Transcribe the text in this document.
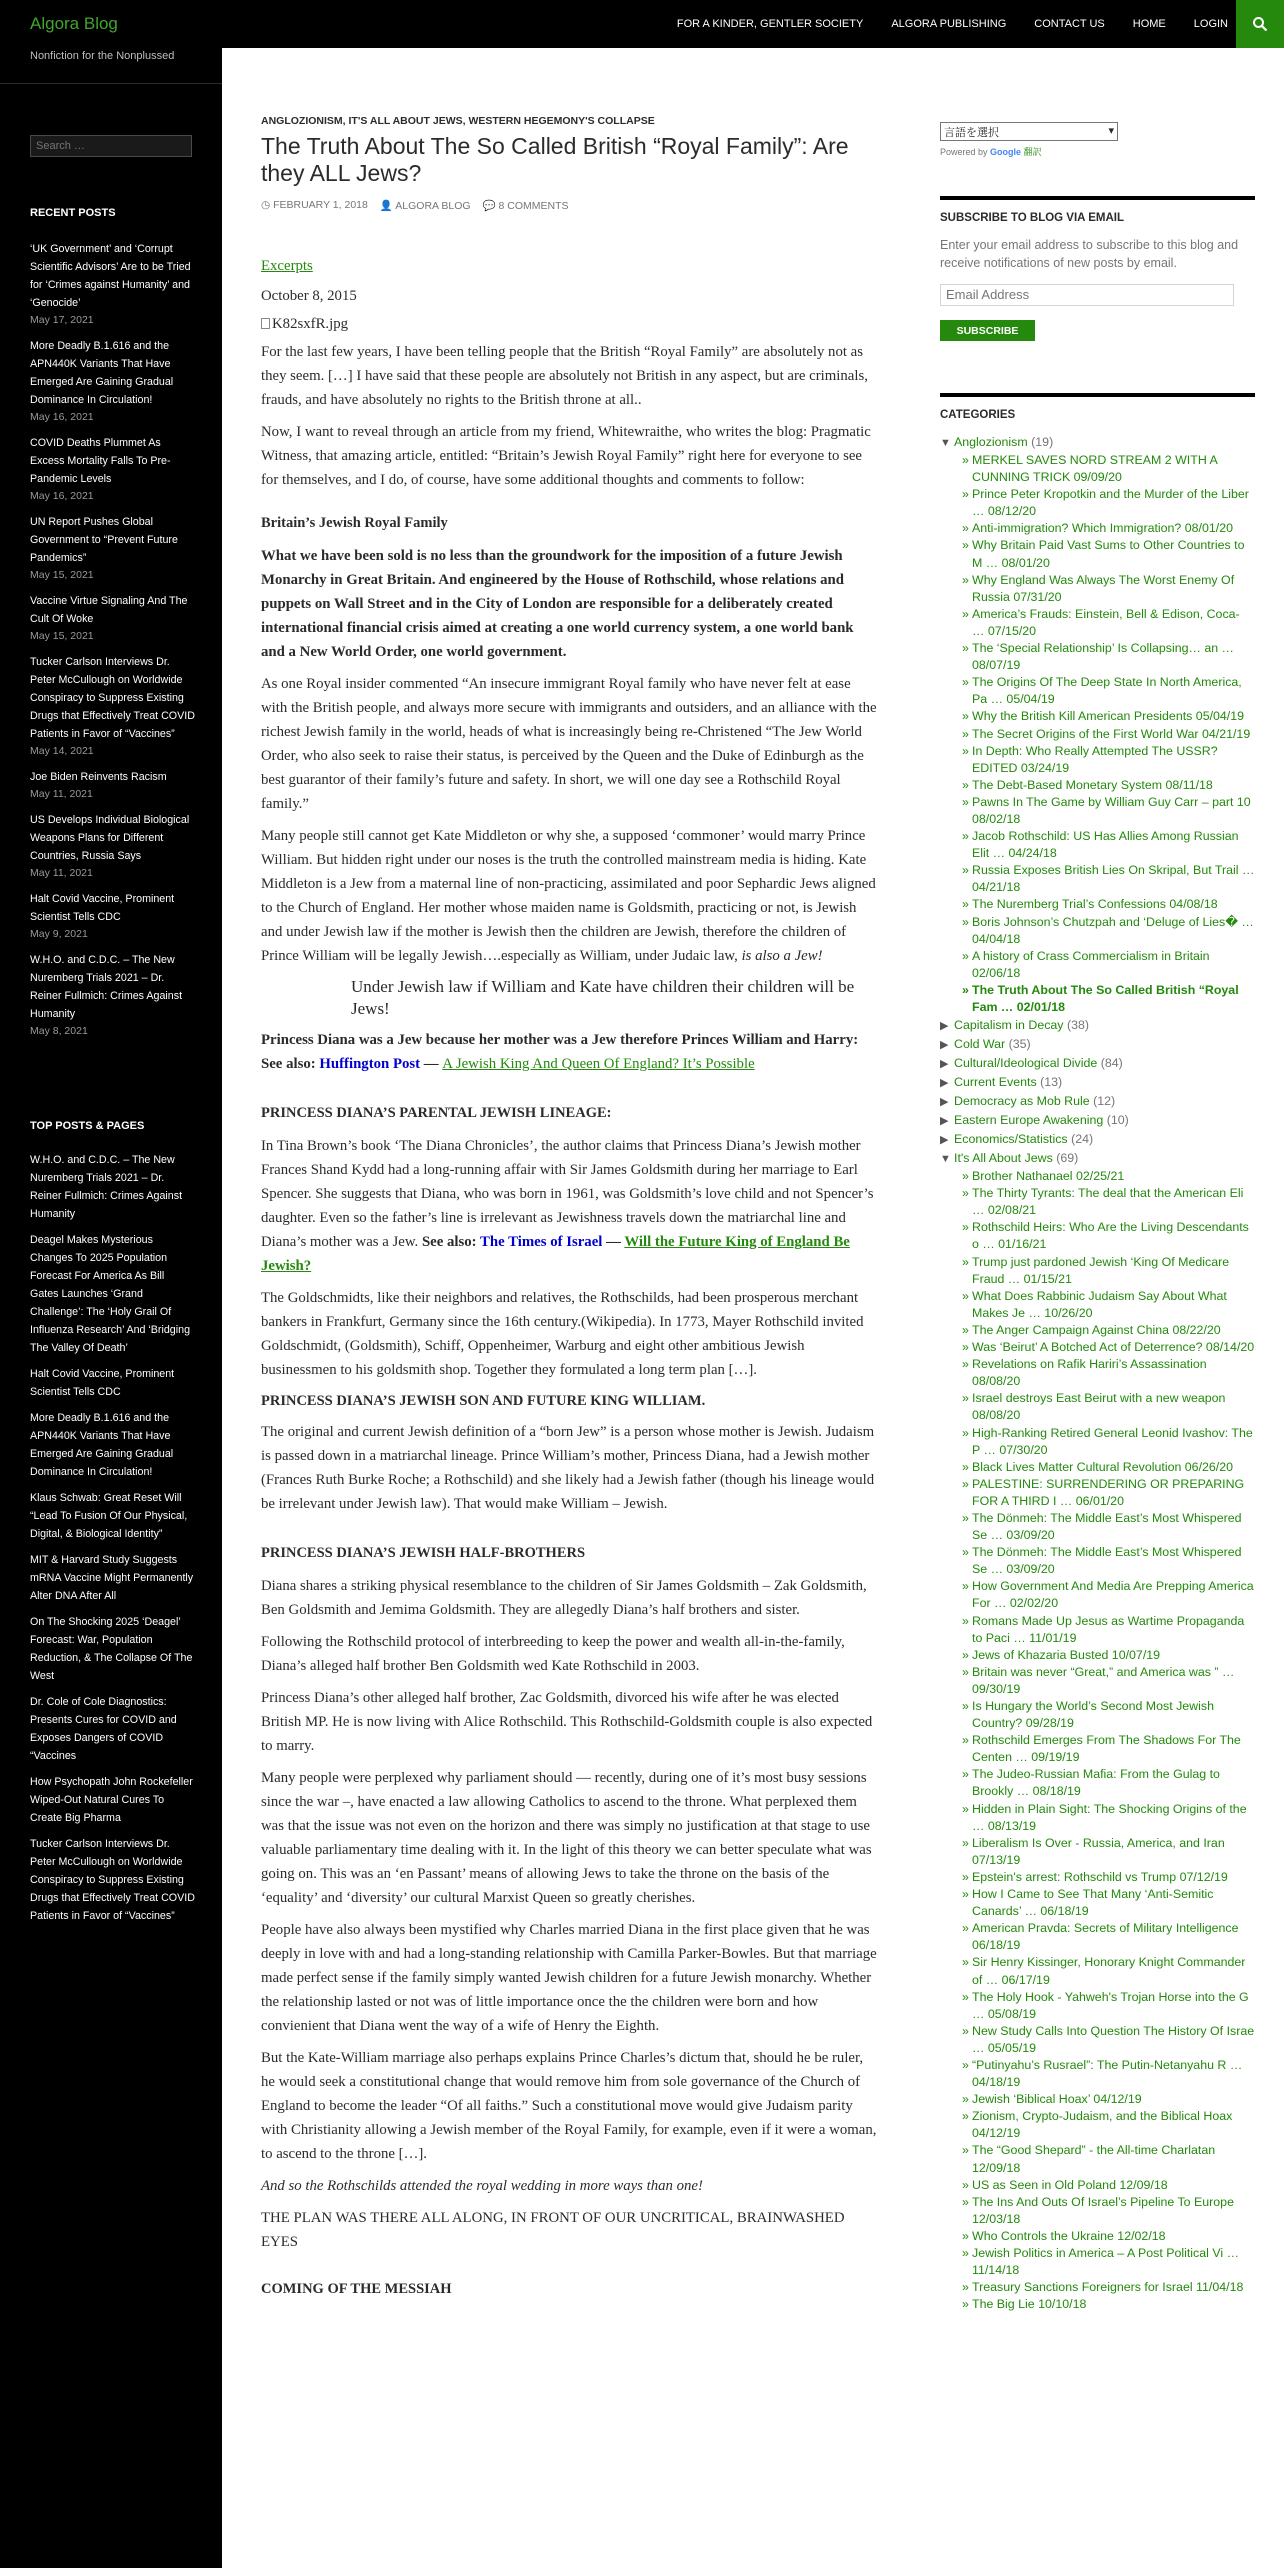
Algora Blog	FOR A KINDER, GENTLER SOCIETY	ALGORA PUBLISHING	CONTACT US	HOME	LOGIN
Nonfiction for the Nonplussed
Search …
RECENT POSTS
‘UK Government’ and ‘Corrupt Scientific Advisors’ Are to be Tried for ‘Crimes against Humanity’ and ‘Genocide’
May 17, 2021
More Deadly B.1.616 and the APN440K Variants That Have Emerged Are Gaining Gradual Dominance In Circulation!
May 16, 2021
COVID Deaths Plummet As Excess Mortality Falls To Pre-Pandemic Levels
May 16, 2021
UN Report Pushes Global Government to “Prevent Future Pandemics”
May 15, 2021
Vaccine Virtue Signaling And The Cult Of Woke
May 15, 2021
Tucker Carlson Interviews Dr. Peter McCullough on Worldwide Conspiracy to Suppress Existing Drugs that Effectively Treat COVID Patients in Favor of “Vaccines”
May 14, 2021
Joe Biden Reinvents Racism
May 11, 2021
US Develops Individual Biological Weapons Plans for Different Countries, Russia Says
May 11, 2021
Halt Covid Vaccine, Prominent Scientist Tells CDC
May 9, 2021
W.H.O. and C.D.C. – The New Nuremberg Trials 2021 – Dr. Reiner Fullmich: Crimes Against Humanity
May 8, 2021
TOP POSTS & PAGES
W.H.O. and C.D.C. – The New Nuremberg Trials 2021 – Dr. Reiner Fullmich: Crimes Against Humanity
Deagel Makes Mysterious Changes To 2025 Population Forecast For America As Bill Gates Launches ‘Grand Challenge’: The ‘Holy Grail Of Influenza Research’ And ‘Bridging The Valley Of Death’
Halt Covid Vaccine, Prominent Scientist Tells CDC
More Deadly B.1.616 and the APN440K Variants That Have Emerged Are Gaining Gradual Dominance In Circulation!
Klaus Schwab: Great Reset Will “Lead To Fusion Of Our Physical, Digital, & Biological Identity”
MIT & Harvard Study Suggests mRNA Vaccine Might Permanently Alter DNA After All
On The Shocking 2025 ‘Deagel’ Forecast: War, Population Reduction, & The Collapse Of The West
Dr. Cole of Cole Diagnostics: Presents Cures for COVID and Exposes Dangers of COVID “Vaccines
How Psychopath John Rockefeller Wiped-Out Natural Cures To Create Big Pharma
Tucker Carlson Interviews Dr. Peter McCullough on Worldwide Conspiracy to Suppress Existing Drugs that Effectively Treat COVID Patients in Favor of “Vaccines”
ANGLOZIONISM, IT'S ALL ABOUT JEWS, WESTERN HEGEMONY'S COLLAPSE
The Truth About The So Called British “Royal Family”: Are they ALL Jews?
◷ FEBRUARY 1, 2018 👤 ALGORA BLOG 💬 8 COMMENTS

Excerpts

October 8, 2015

K82sxfR.jpg

For the last few years, I have been telling people that the British “Royal Family” are absolutely not as they seem. […] I have said that these people are absolutely not British in any aspect, but are criminals, frauds, and have absolutely no rights to the British throne at all..

Now, I want to reveal through an article from my friend, Whitewraithe, who writes the blog: Pragmatic Witness, that amazing article, entitled: “Britain’s Jewish Royal Family” right here for everyone to see for themselves, and I do, of course, have some additional thoughts and comments to follow:

Britain’s Jewish Royal Family

What we have been sold is no less than the groundwork for the imposition of a future Jewish Monarchy in Great Britain. And engineered by the House of Rothschild, whose relations and puppets on Wall Street and in the City of London are responsible for a deliberately created international financial crisis aimed at creating a one world currency system, a one world bank and a New World Order, one world government.

As one Royal insider commented “An insecure immigrant Royal family who have never felt at ease with the British people, and always more secure with immigrants and outsiders, and an alliance with the richest Jewish family in the world, heads of what is increasingly being re-Christened “The Jew World Order, who also seek to raise their status, is perceived by the Queen and the Duke of Edinburgh as the best guarantor of their family’s future and safety. In short, we will one day see a Rothschild Royal family.”

Many people still cannot get Kate Middleton or why she, a supposed ‘commoner’ would marry Prince William. But hidden right under our noses is the truth the controlled mainstream media is hiding. Kate Middleton is a Jew from a maternal line of non-practicing, assimilated and poor Sephardic Jews aligned to the Church of England. Her mother whose maiden name is Goldsmith, practicing or not, is Jewish and under Jewish law if the mother is Jewish then the children are Jewish, therefore the children of Prince William will be legally Jewish….especially as William, under Judaic law, is also a Jew!

Under Jewish law if William and Kate have children their children will be Jews!

Princess Diana was a Jew because her mother was a Jew therefore Princes William and Harry: See also: Huffington Post — A Jewish King And Queen Of England? It’s Possible

PRINCESS DIANA’S PARENTAL JEWISH LINEAGE:

In Tina Brown’s book ‘The Diana Chronicles’, the author claims that Princess Diana’s Jewish mother Frances Shand Kydd had a long-running affair with Sir James Goldsmith during her marriage to Earl Spencer. She suggests that Diana, who was born in 1961, was Goldsmith’s love child and not Spencer’s daughter. Even so the father’s line is irrelevant as Jewishness travels down the matriarchal line and Diana’s mother was a Jew. See also: The Times of Israel — Will the Future King of England Be Jewish?

The Goldschmidts, like their neighbors and relatives, the Rothschilds, had been prosperous merchant bankers in Frankfurt, Germany since the 16th century.(Wikipedia). In 1773, Mayer Rothschild invited Goldschmidt, (Goldsmith), Schiff, Oppenheimer, Warburg and eight other ambitious Jewish businessmen to his goldsmith shop. Together they formulated a long term plan […].

PRINCESS DIANA’S JEWISH SON AND FUTURE KING WILLIAM.

The original and current Jewish definition of a “born Jew” is a person whose mother is Jewish. Judaism is passed down in a matriarchal lineage. Prince William’s mother, Princess Diana, had a Jewish mother (Frances Ruth Burke Roche; a Rothschild) and she likely had a Jewish father (though his lineage would be irrelevant under Jewish law). That would make William – Jewish.

PRINCESS DIANA’S JEWISH HALF-BROTHERS

Diana shares a striking physical resemblance to the children of Sir James Goldsmith – Zak Goldsmith, Ben Goldsmith and Jemima Goldsmith. They are allegedly Diana’s half brothers and sister.

Following the Rothschild protocol of interbreeding to keep the power and wealth all-in-the-family, Diana’s alleged half brother Ben Goldsmith wed Kate Rothschild in 2003.

Princess Diana’s other alleged half brother, Zac Goldsmith, divorced his wife after he was elected British MP. He is now living with Alice Rothschild. This Rothschild-Goldsmith couple is also expected to marry.

Many people were perplexed why parliament should — recently, during one of it’s most busy sessions since the war –, have enacted a law allowing Catholics to ascend to the throne. What perplexed them was that the issue was not even on the horizon and there was simply no justification at that stage to use valuable parliamentary time dealing with it. In the light of this theory we can better speculate what was going on. This was an ‘en Passant’ means of allowing Jews to take the throne on the basis of the ‘equality’ and ‘diversity’ our cultural Marxist Queen so greatly cherishes.

People have also always been mystified why Charles married Diana in the first place given that he was deeply in love with and had a long-standing relationship with Camilla Parker-Bowles. But that marriage made perfect sense if the family simply wanted Jewish children for a future Jewish monarchy. Whether the relationship lasted or not was of little importance once the the children were born and how convienient that Diana went the way of a wife of Henry the Eighth.

But the Kate-William marriage also perhaps explains Prince Charles’s dictum that, should he be ruler, he would seek a constitutional change that would remove him from sole governance of the Church of England to become the leader “Of all faiths.” Such a constitutional move would give Judaism parity with Christianity allowing a Jewish member of the Royal Family, for example, even if it were a woman, to ascend to the throne […].

And so the Rothschilds attended the royal wedding in more ways than one!

THE PLAN WAS THERE ALL ALONG, IN FRONT OF OUR UNCRITICAL, BRAINWASHED EYES

COMING OF THE MESSIAH
言語を選択	▾
Powered by Google 翻訳
SUBSCRIBE TO BLOG VIA EMAIL
Enter your email address to subscribe to this blog and receive notifications of new posts by email.
Email Address
SUBSCRIBE
CATEGORIES
▼ Anglozionism (19)
» MERKEL SAVES NORD STREAM 2 WITH A CUNNING TRICK 09/09/20
» Prince Peter Kropotkin and the Murder of the Liber … 08/12/20
» Anti-immigration? Which Immigration? 08/01/20
» Why Britain Paid Vast Sums to Other Countries to M … 08/01/20
» Why England Was Always The Worst Enemy Of Russia 07/31/20
» America’s Frauds: Einstein, Bell & Edison, Coca- … 07/15/20
» The ‘Special Relationship’ Is Collapsing… an … 08/07/19
» The Origins Of The Deep State In North America, Pa … 05/04/19
» Why the British Kill American Presidents 05/04/19
» The Secret Origins of the First World War 04/21/19
» In Depth: Who Really Attempted The USSR? EDITED 03/24/19
» The Debt-Based Monetary System 08/11/18
» Pawns In The Game by William Guy Carr – part 10 08/02/18
» Jacob Rothschild: US Has Allies Among Russian Elit … 04/24/18
» Russia Exposes British Lies On Skripal, But Trail … 04/21/18
» The Nuremberg Trial’s Confessions 04/08/18
» Boris Johnson’s Chutzpah and ‘Deluge of Lies� … 04/04/18
» A history of Crass Commercialism in Britain 02/06/18
» The Truth About The So Called British “Royal Fam … 02/01/18
▶ Capitalism in Decay (38)
▶ Cold War (35)
▶ Cultural/Ideological Divide (84)
▶ Current Events (13)
▶ Democracy as Mob Rule (12)
▶ Eastern Europe Awakening (10)
▶ Economics/Statistics (24)
▼ It's All About Jews (69)
» Brother Nathanael 02/25/21
» The Thirty Tyrants: The deal that the American Eli … 02/08/21
» Rothschild Heirs: Who Are the Living Descendants o … 01/16/21
» Trump just pardoned Jewish ‘King Of Medicare Fraud … 01/15/21
» What Does Rabbinic Judaism Say About What Makes Je … 10/26/20
» The Anger Campaign Against China 08/22/20
» Was ‘Beirut’ A Botched Act of Deterrence? 08/14/20
» Revelations on Rafik Hariri’s Assassination 08/08/20
» Israel destroys East Beirut with a new weapon 08/08/20
» High-Ranking Retired General Leonid Ivashov: The P … 07/30/20
» Black Lives Matter Cultural Revolution 06/26/20
» PALESTINE: SURRENDERING OR PREPARING FOR A THIRD I … 06/01/20
» The Dönmeh: The Middle East’s Most Whispered Se … 03/09/20
» The Dönmeh: The Middle East’s Most Whispered Se … 03/09/20
» How Government And Media Are Prepping America For … 02/02/20
» Romans Made Up Jesus as Wartime Propaganda to Paci … 11/01/19
» Jews of Khazaria Busted 10/07/19
» Britain was never “Great,” and America was ” … 09/30/19
» Is Hungary the World’s Second Most Jewish Country? 09/28/19
» Rothschild Emerges From The Shadows For The Centen … 09/19/19
» The Judeo-Russian Mafia: From the Gulag to Brookly … 08/18/19
» Hidden in Plain Sight: The Shocking Origins of the … 08/13/19
» Liberalism Is Over - Russia, America, and Iran 07/13/19
» Epstein's arrest: Rothschild vs Trump 07/12/19
» How I Came to See That Many ‘Anti-Semitic Canards’ … 06/18/19
» American Pravda: Secrets of Military Intelligence 06/18/19
» Sir Henry Kissinger, Honorary Knight Commander of … 06/17/19
» The Holy Hook - Yahweh's Trojan Horse into the G … 05/08/19
» New Study Calls Into Question The History Of Israe … 05/05/19
» “Putinyahu’s Rusrael”: The Putin-Netanyahu R … 04/18/19
» Jewish ‘Biblical Hoax’ 04/12/19
» Zionism, Crypto-Judaism, and the Biblical Hoax 04/12/19
» The “Good Shepard” - the All-time Charlatan 12/09/18
» US as Seen in Old Poland 12/09/18
» The Ins And Outs Of Israel’s Pipeline To Europe 12/03/18
» Who Controls the Ukraine 12/02/18
» Jewish Politics in America – A Post Political Vi … 11/14/18
» Treasury Sanctions Foreigners for Israel 11/04/18
» The Big Lie 10/10/18
